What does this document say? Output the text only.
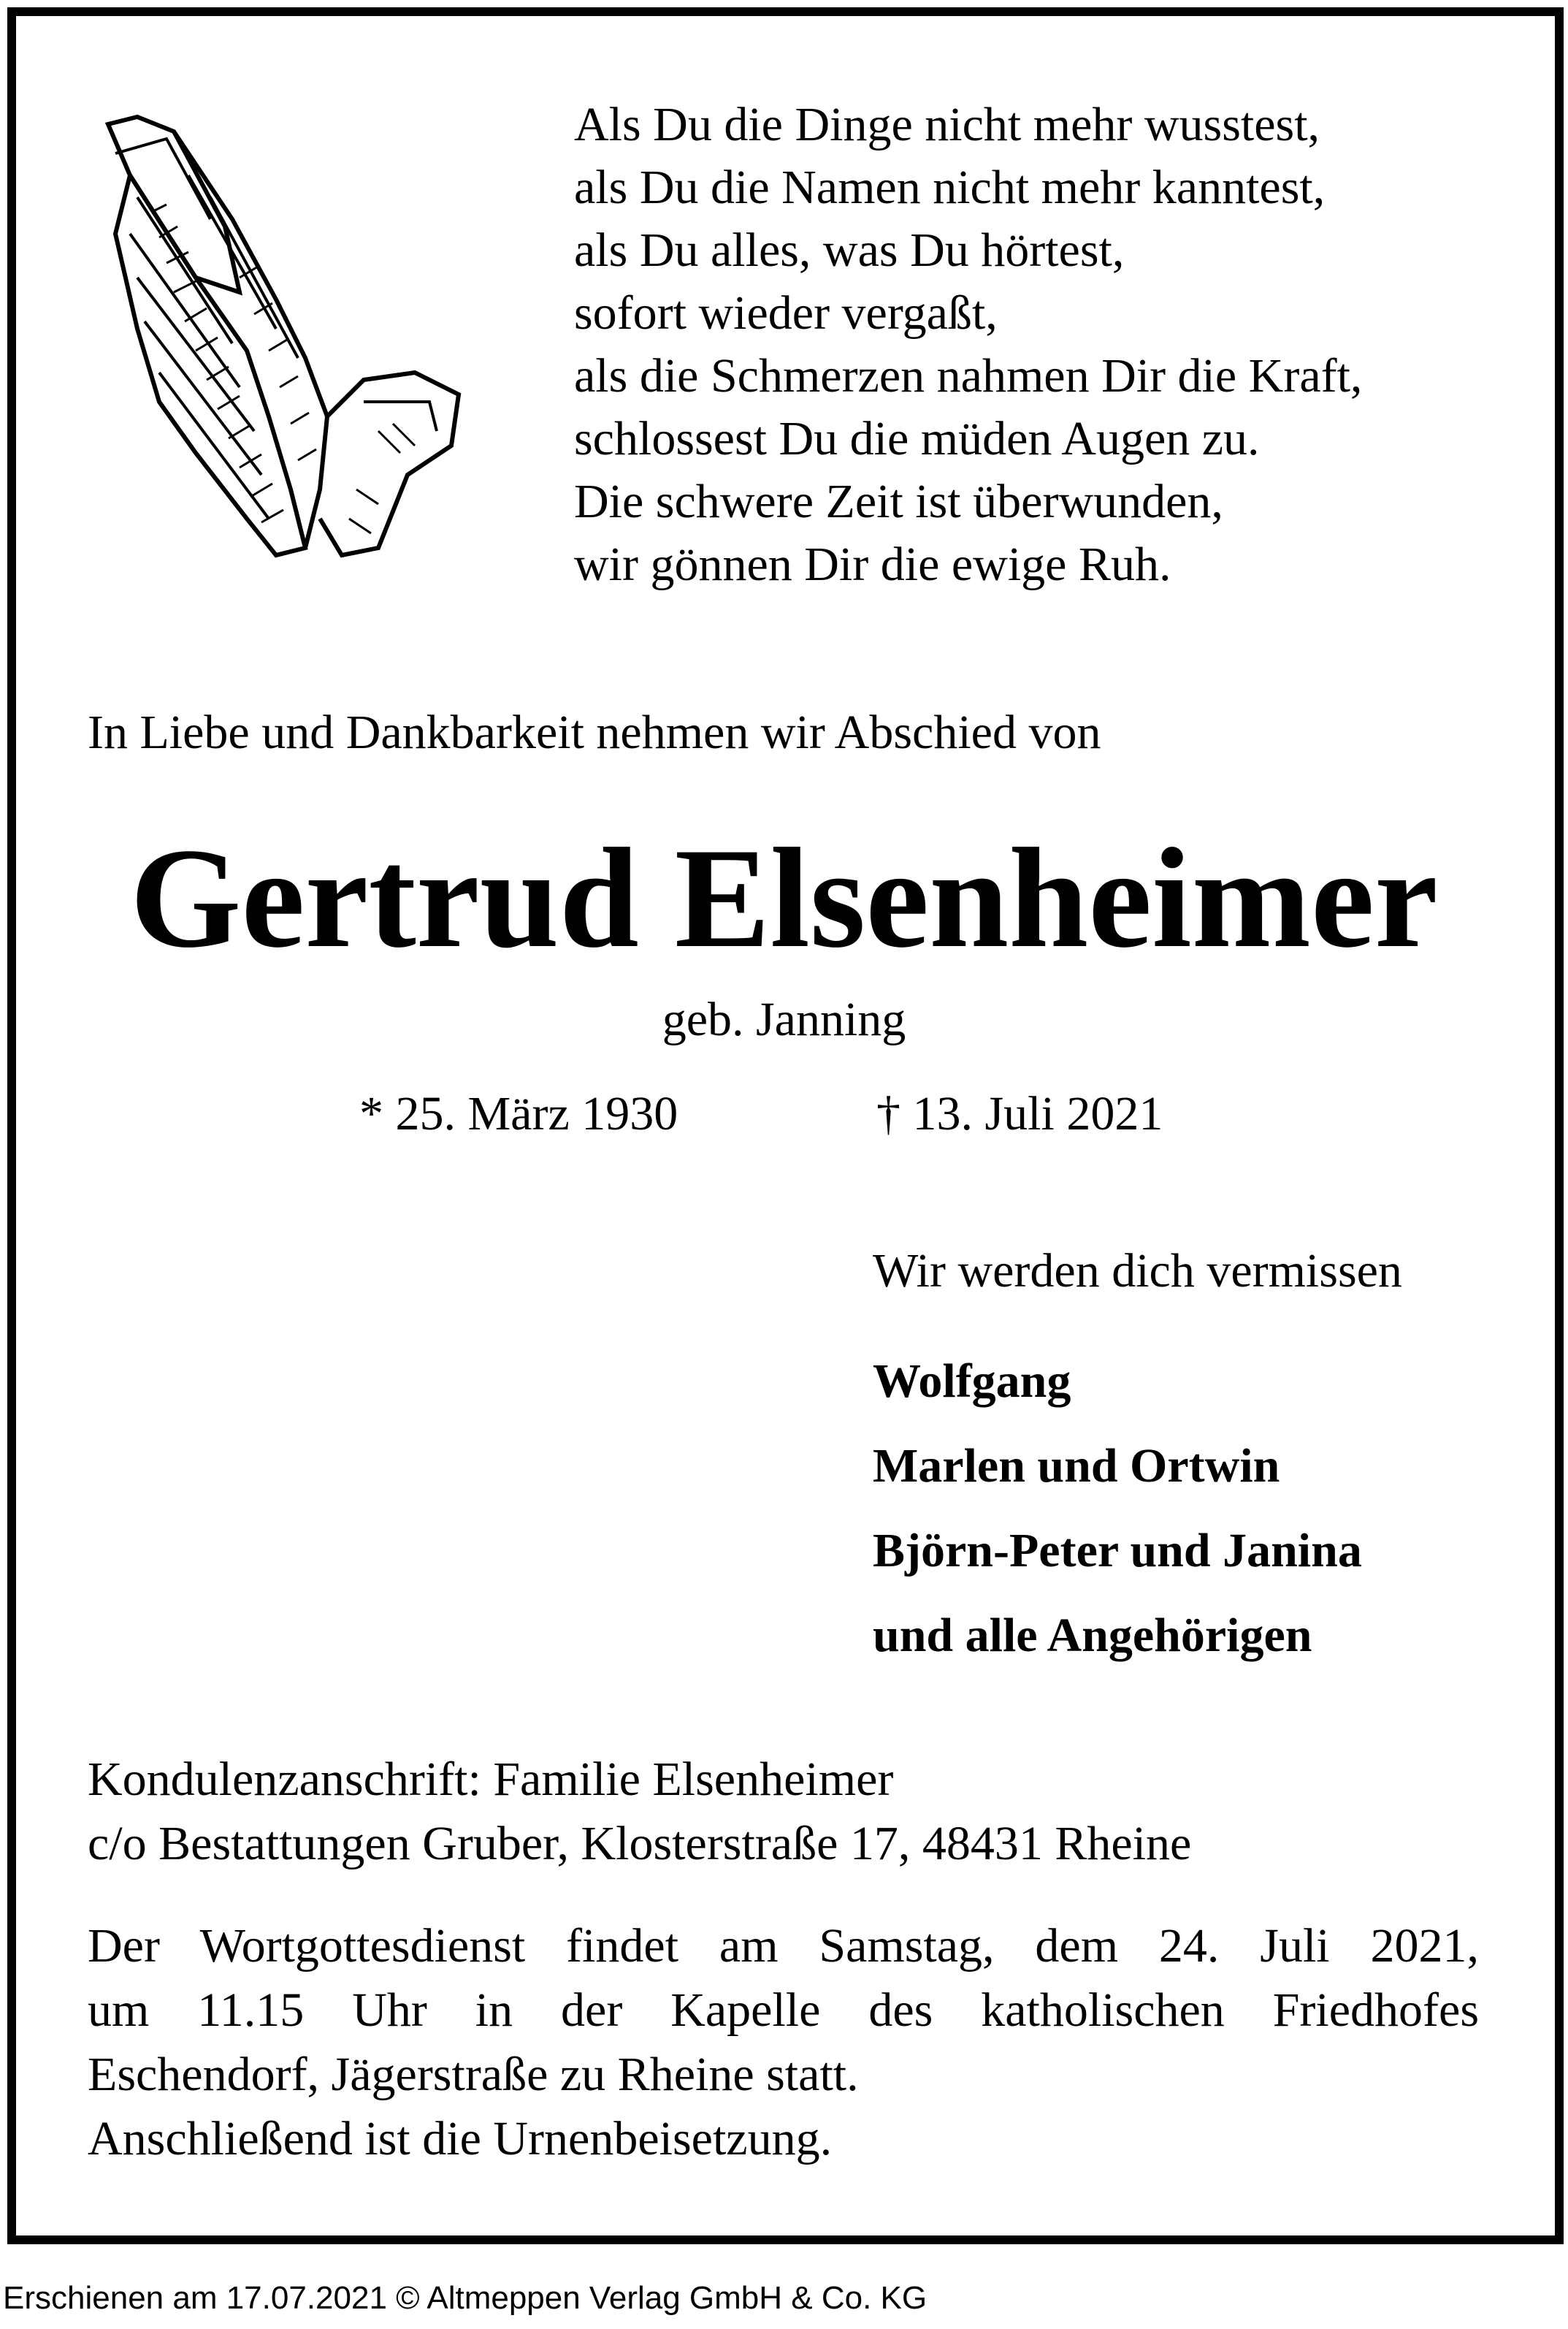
Als Du die Dinge nicht mehr wusstest,
als Du die Namen nicht mehr kanntest,
als Du alles, was Du hörtest,
sofort wieder vergaßt,
als die Schmerzen nahmen Dir die Kraft,
schlossest Du die müden Augen zu.
Die schwere Zeit ist überwunden,
wir gönnen Dir die ewige Ruh.
In Liebe und Dankbarkeit nehmen wir Abschied von
Gertrud Elsenheimer
geb. Janning
* 25. März 1930	† 13. Juli 2021
Wir werden dich vermissen
Wolfgang
Marlen und Ortwin
Björn-Peter und Janina
und alle Angehörigen
Kondulenzanschrift: Familie Elsenheimer
c/o Bestattungen Gruber, Klosterstraße 17, 48431 Rheine
Der Wortgottesdienst findet am Samstag, dem 24. Juli 2021,
um 11.15 Uhr in der Kapelle des katholischen Friedhofes
Eschendorf, Jägerstraße zu Rheine statt.
Anschließend ist die Urnenbeisetzung.
Erschienen am 17.07.2021 © Altmeppen Verlag GmbH & Co. KG
